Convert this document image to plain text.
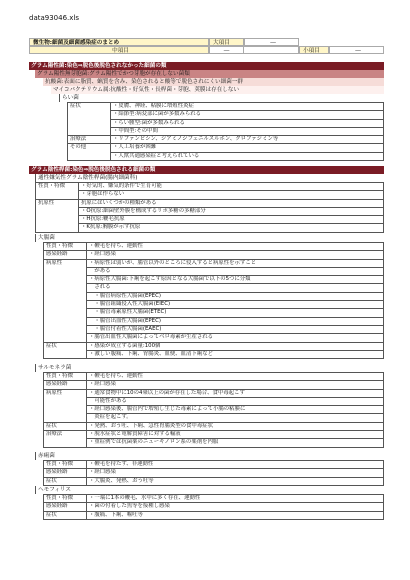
data93046.xls
微生物:細菌及細菌感染症のまとめ	大項目	―
中項目	―	小項目	―
グラム陽性菌:染色⇒脱色後脱色されなかった細菌の類
グラム陽性無芽胞菌:グラム陽性でかつ芽胞が存在しない菌類
抗酸菌:表面に脂質、蝋質を含み、染色されると酸等で脱色されにくい細菌一群
マイコバクテリウム属:抗酸性・好気性・長桿菌・芽胞、莢膜は存在しない
らい菌
症状	・皮膚、神経、粘膜に増殖性炎症
	・結節型:病変部に菌が多数みられる
	・らい腫型:菌が多数みられる
	・中間型:その中間
治療法	・リファンピシン、ジアミノジフェニルスルホン、クロファジミン等
その他	・人工培養が困難
	・人獣共通感染症と考えられている
グラム陰性桿菌:染色⇒脱色後脱色される細菌の類
通性嫌気性グラム陰性桿菌(腸内細菌科)
性質・特徴	・好気的、嫌気的条件で生育可能
	・芽胞は作らない
抗原性	抗原にはいくつかの種類がある
	・O抗原:細菌壁外膜を構成するリポ多糖の多糖部分
	・H抗原:鞭毛抗原
	・K抗原:胸膜が示す抗原
大腸菌
性質・特徴	・鞭毛を持ち、運動性
感染経路	・経口感染
病原性	・病原性は弱いが、腸管以外のところに侵入すると病原性を示すこと
	　がある
	・病原性大腸菌:下痢を起こす原因となる大腸菌で以下の5つに分類
	　される
	　・腸管病原性大腸菌(EPEC)
	　・腸管組織侵入性大腸菌(EIEC)
	　・腸管毒素原性大腸菌(ETEC)
	　・腸管出血性大腸菌(EPEC)
	　・腸管付着性大腸菌(EAEC)
	・腸管出血性大腸菌によってベロ毒素が生産される
症状	・感染が成立する菌量:100個
	・激しい腹痛、下痢、胃腸炎、血便、血清下痢など
サルモネラ菌
性質・特徴	・鞭毛を持ち、運動性
感染経路	・経口感染
病原性	・通常食物中に10の4乗以上の菌が存在した場合、食中毒起こす
	　可能性がある
	・経口感染後、腸管内で増殖し生じた毒素によって小腸の粘膜に
	　炎症を起こす。
症状	・発熱、おう吐、下痢、急性胃腸炎型の食中毒症状
治療法	・脱水症状と電解質障害に対する輸液
	・重症例では抗菌薬のニューキノロン系の薬剤を内服
赤痢菌
性質・特徴	・鞭毛を持たず、非運動性
感染経路	・経口感染
症状	・大腸炎、発熱、おう吐等
ヘモフィリス
性質・特徴	・一端に1本の鞭毛、水中に多く存在、運動性
感染経路	・菌の付着した魚等を接種し感染
症状	・腹痛、下痢、嘔吐等
